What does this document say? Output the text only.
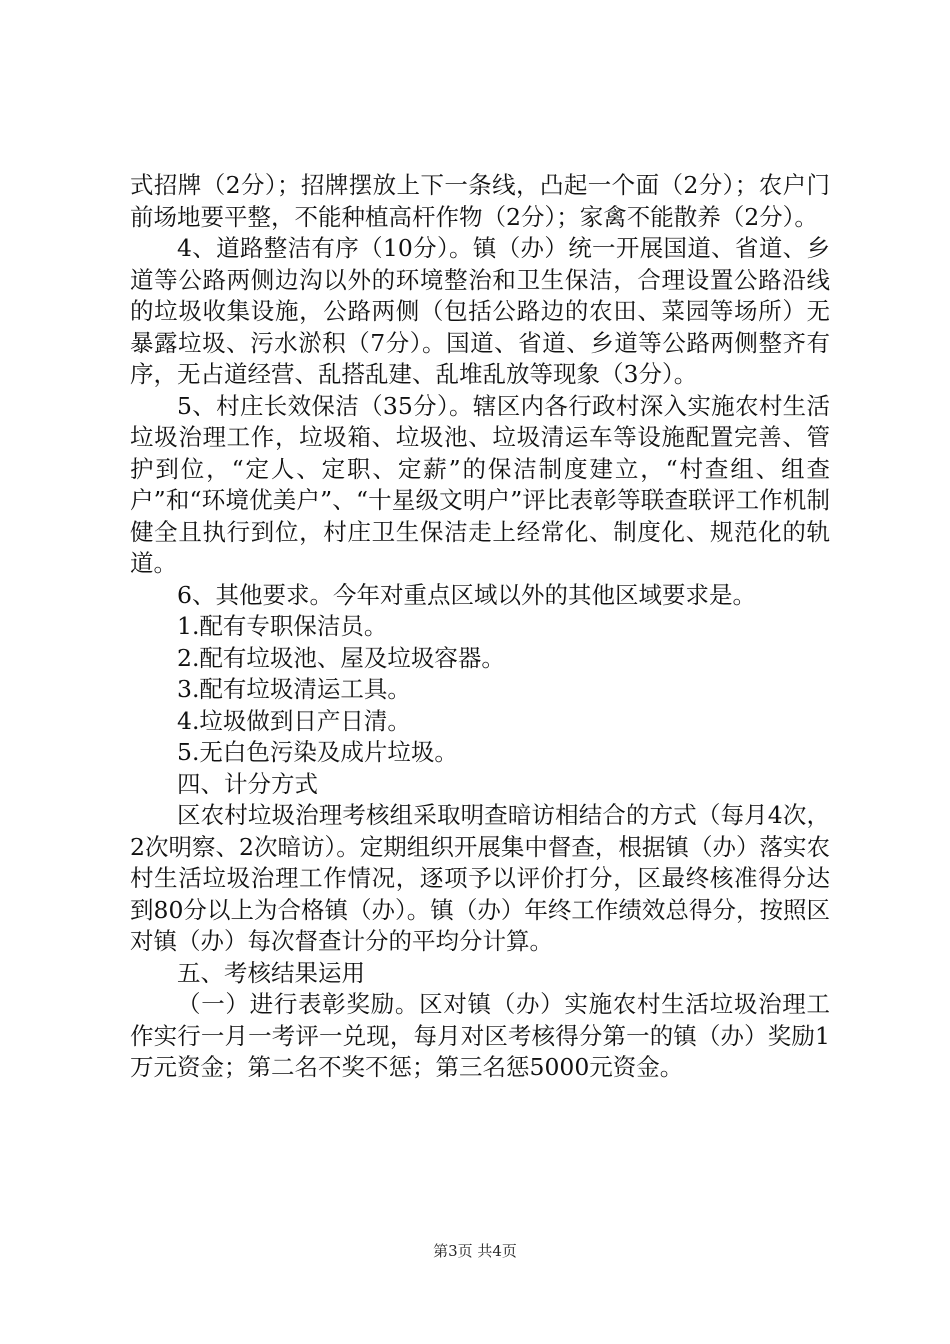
式招牌（2分）；招牌摆放上下一条线，凸起一个面（2分）；农户门前场地要平整，不能种植高杆作物（2分）；家禽不能散养（2分）。

4、道路整洁有序（10分）。镇（办）统一开展国道、省道、乡道等公路两侧边沟以外的环境整治和卫生保洁，合理设置公路沿线的垃圾收集设施，公路两侧（包括公路边的农田、菜园等场所）无暴露垃圾、污水淤积（7分）。国道、省道、乡道等公路两侧整齐有序，无占道经营、乱搭乱建、乱堆乱放等现象（3分）。

5、村庄长效保洁（35分）。辖区内各行政村深入实施农村生活垃圾治理工作，垃圾箱、垃圾池、垃圾清运车等设施配置完善、管护到位，“定人、定职、定薪”的保洁制度建立，“村查组、组查户”和“环境优美户”、“十星级文明户”评比表彰等联查联评工作机制健全且执行到位，村庄卫生保洁走上经常化、制度化、规范化的轨道。

6、其他要求。今年对重点区域以外的其他区域要求是。

1.配有专职保洁员。

2.配有垃圾池、屋及垃圾容器。

3.配有垃圾清运工具。

4.垃圾做到日产日清。

5.无白色污染及成片垃圾。

四、计分方式

区农村垃圾治理考核组采取明查暗访相结合的方式（每月4次，2次明察、2次暗访）。定期组织开展集中督查，根据镇（办）落实农村生活垃圾治理工作情况，逐项予以评价打分，区最终核准得分达到80分以上为合格镇（办）。镇（办）年终工作绩效总得分，按照区对镇（办）每次督查计分的平均分计算。

五、考核结果运用

（一）进行表彰奖励。区对镇（办）实施农村生活垃圾治理工作实行一月一考评一兑现，每月对区考核得分第一的镇（办）奖励1万元资金；第二名不奖不惩；第三名惩5000元资金。

第3页 共4页
